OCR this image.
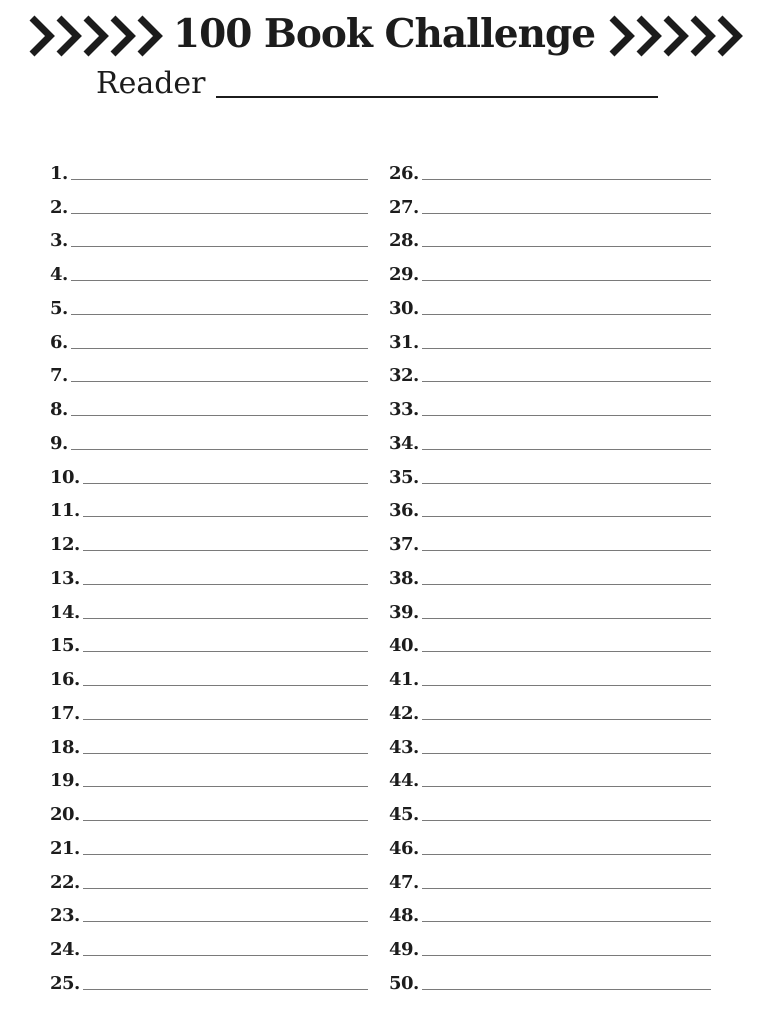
100 Book Challenge
Reader
1.
2.
3.
4.
5.
6.
7.
8.
9.
10.
11.
12.
13.
14.
15.
16.
17.
18.
19.
20.
21.
22.
23.
24.
25.
26.
27.
28.
29.
30.
31.
32.
33.
34.
35.
36.
37.
38.
39.
40.
41.
42.
43.
44.
45.
46.
47.
48.
49.
50.
